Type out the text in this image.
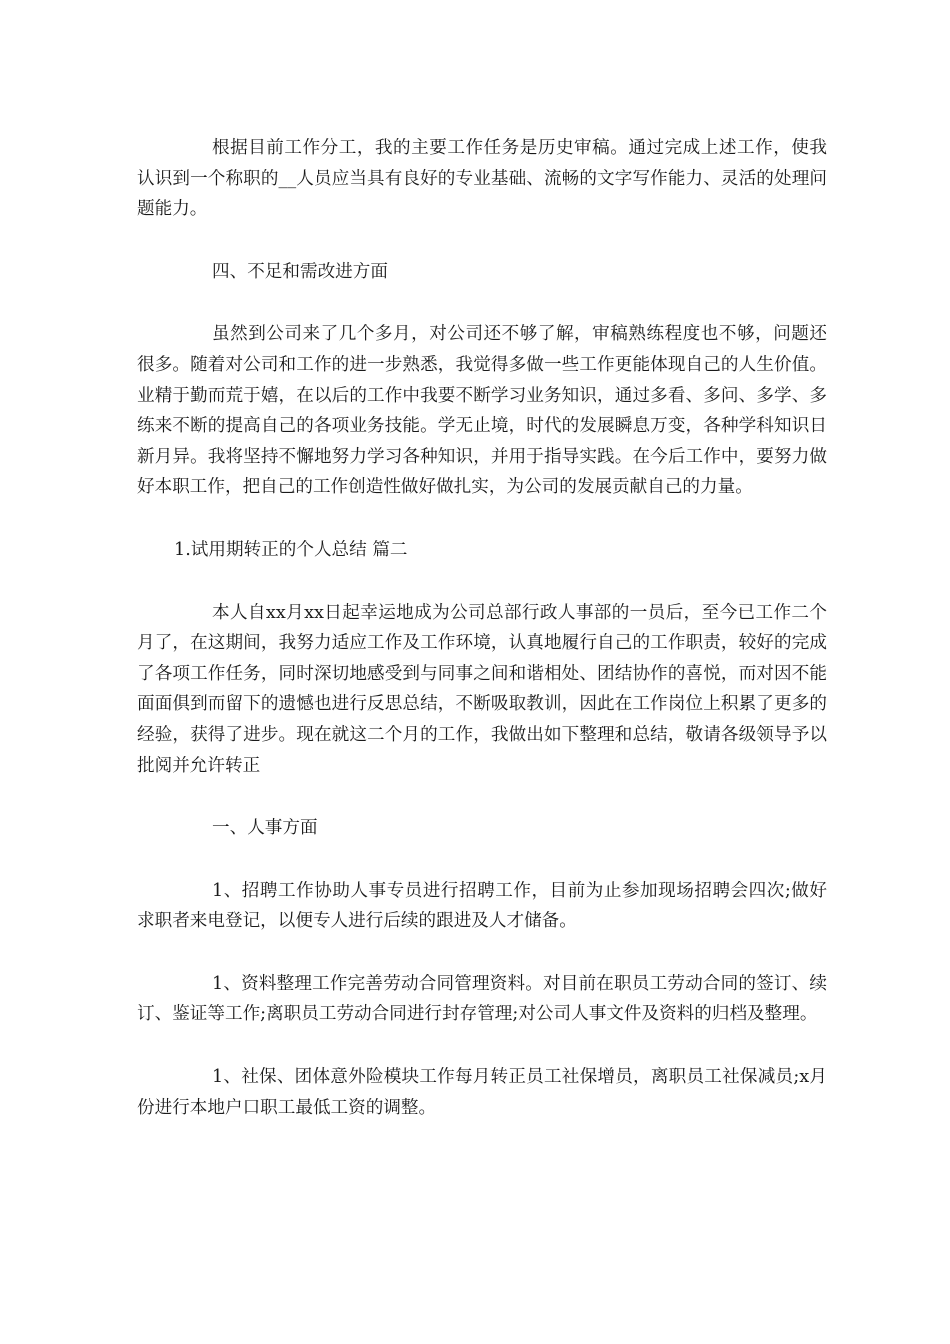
根据目前工作分工，我的主要工作任务是历史审稿。通过完成上述工作，使我认识到一个称职的__人员应当具有良好的专业基础、流畅的文字写作能力、灵活的处理问题能力。

四、不足和需改进方面

虽然到公司来了几个多月，对公司还不够了解，审稿熟练程度也不够，问题还很多。随着对公司和工作的进一步熟悉，我觉得多做一些工作更能体现自己的人生价值。业精于勤而荒于嬉，在以后的工作中我要不断学习业务知识，通过多看、多问、多学、多练来不断的提高自己的各项业务技能。学无止境，时代的发展瞬息万变，各种学科知识日新月异。我将坚持不懈地努力学习各种知识，并用于指导实践。在今后工作中，要努力做好本职工作，把自己的工作创造性做好做扎实，为公司的发展贡献自己的力量。

1.试用期转正的个人总结 篇二

本人自xx月xx日起幸运地成为公司总部行政人事部的一员后，至今已工作二个月了，在这期间，我努力适应工作及工作环境，认真地履行自己的工作职责，较好的完成了各项工作任务，同时深切地感受到与同事之间和谐相处、团结协作的喜悦，而对因不能面面俱到而留下的遗憾也进行反思总结，不断吸取教训，因此在工作岗位上积累了更多的经验，获得了进步。现在就这二个月的工作，我做出如下整理和总结，敬请各级领导予以批阅并允许转正

一、人事方面

1、招聘工作协助人事专员进行招聘工作，目前为止参加现场招聘会四次;做好求职者来电登记，以便专人进行后续的跟进及人才储备。

1、资料整理工作完善劳动合同管理资料。对目前在职员工劳动合同的签订、续订、鉴证等工作;离职员工劳动合同进行封存管理;对公司人事文件及资料的归档及整理。

1、社保、团体意外险模块工作每月转正员工社保增员，离职员工社保减员;x月份进行本地户口职工最低工资的调整。
